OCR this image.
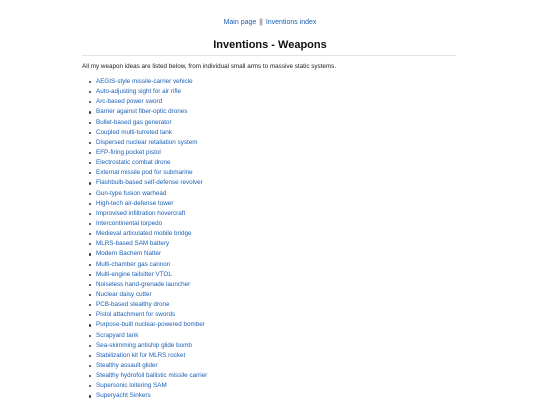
Main page || Inventions index
Inventions - Weapons

All my weapon ideas are listed below, from individual small arms to massive static systems.

AEGIS-style missile-carrier vehicle
Auto-adjusting sight for air rifle
Arc-based power sword
Barrier against fiber-optic drones
Bullet-based gas generator
Coupled multi-turreted tank
Dispersed nuclear retaliation system
EFP-firing pocket pistol
Electrostatic combat drone
External missile pod for submarine
Flashbulb-based self-defense revolver
Gun-type fusion warhead
High-tech air-defense tower
Improvised infiltration hovercraft
Intercontinental torpedo
Medieval articulated mobile bridge
MLRS-based SAM battery
Modern Bachem Natter
Multi-chamber gas cannon
Multi-engine tailsitter VTOL
Noiseless hand-grenade launcher
Nuclear daisy cutter
PCB-based stealthy drone
Pistol attachment for swords
Purpose-built nuclear-powered bomber
Scrapyard tank
Sea-skimming antiship glide bomb
Stabilization kit for MLRS rocket
Stealthy assault glider
Stealthy hydrofoil ballistic missile carrier
Supersonic loitering SAM
Superyacht Sinkers
